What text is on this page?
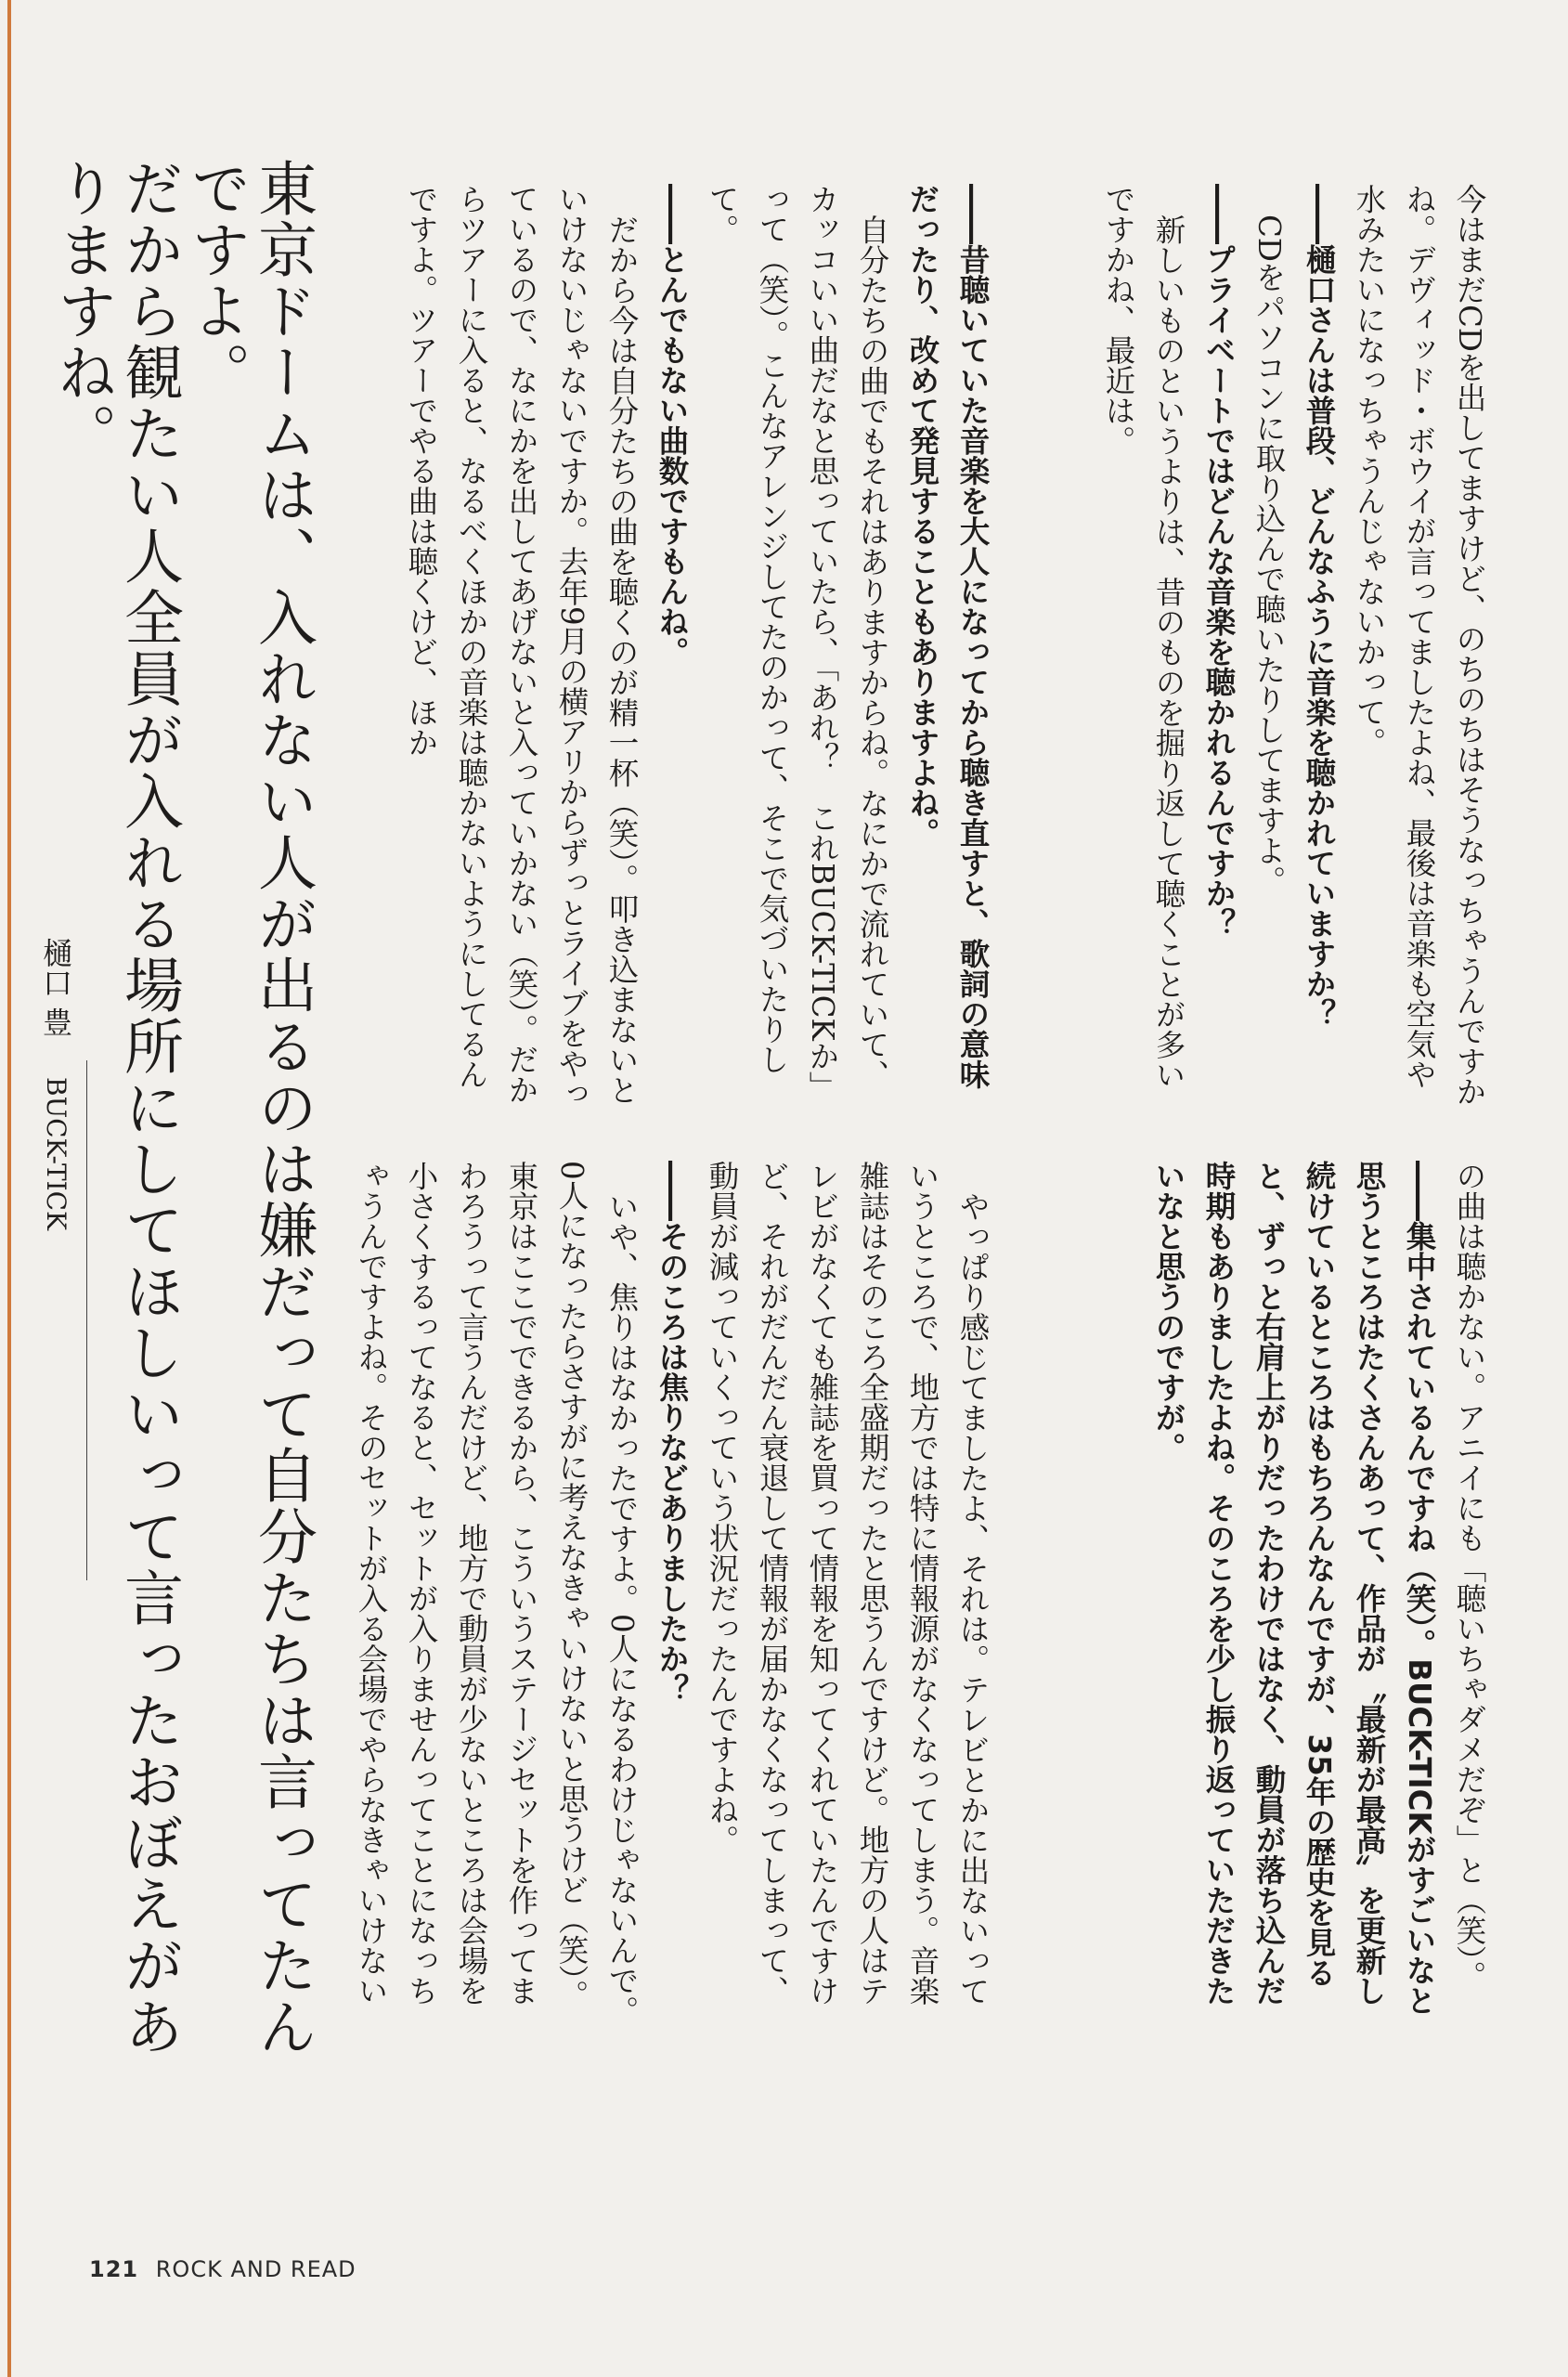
今はまだCDを出してますけど、のちのちはそうなっちゃうんですかね。デヴィッド・ボウイが言ってましたよね、最後は音楽も空気や水みたいになっちゃうんじゃないかって。

――樋口さんは普段、どんなふうに音楽を聴かれていますか？

CDをパソコンに取り込んで聴いたりしてますよ。

――プライベートではどんな音楽を聴かれるんですか？

新しいものというよりは、昔のものを掘り返して聴くことが多いですかね、最近は。

の曲は聴かない。アニイにも「聴いちゃダメだぞ」と（笑）。

――集中されているんですね（笑）。BUCK-TICKがすごいなと思うところはたくさんあって、作品が〝最新が最高〟を更新し続けているところはもちろんなんですが、35年の歴史を見ると、ずっと右肩上がりだったわけではなく、動員が落ち込んだ時期もありましたよね。そのころを少し振り返っていただきたいなと思うのですが。

――昔聴いていた音楽を大人になってから聴き直すと、歌詞の意味だったり、改めて発見することもありますよね。

自分たちの曲でもそれはありますからね。なにかで流れていて、カッコいい曲だなと思っていたら、「あれ？　これBUCK-TICKか」って（笑）。こんなアレンジしてたのかって、そこで気づいたりして。

――とんでもない曲数ですもんね。

だから今は自分たちの曲を聴くのが精一杯（笑）。叩き込まないといけないじゃないですか。去年9月の横アリからずっとライブをやっているので、なにかを出してあげないと入っていかない（笑）。だからツアーに入ると、なるべくほかの音楽は聴かないようにしてるんですよ。ツアーでやる曲は聴くけど、ほか

やっぱり感じてましたよ、それは。テレビとかに出ないっていうところで、地方では特に情報源がなくなってしまう。音楽雑誌はそのころ全盛期だったと思うんですけど。地方の人はテレビがなくても雑誌を買って情報を知ってくれていたんですけど、それがだんだん衰退して情報が届かなくなってしまって、動員が減っていくっていう状況だったんですよね。

――そのころは焦りなどありましたか？

いや、焦りはなかったですよ。0人になるわけじゃないんで。0人になったらさすがに考えなきゃいけないと思うけど（笑）。東京はここでできるから、こういうステージセットを作ってまわろうって言うんだけど、地方で動員が少ないところは会場を小さくするってなると、セットが入りませんってことになっちゃうんですよね。そのセットが入る会場でやらなきゃいけない

東京ドームは、入れない人が出るのは嫌だって自分たちは言ってたんですよ。
だから観たい人全員が入れる場所にしてほしいって言ったおぼえがありますね。
樋口 豊
BUCK-TICK
121 ROCK AND READ
